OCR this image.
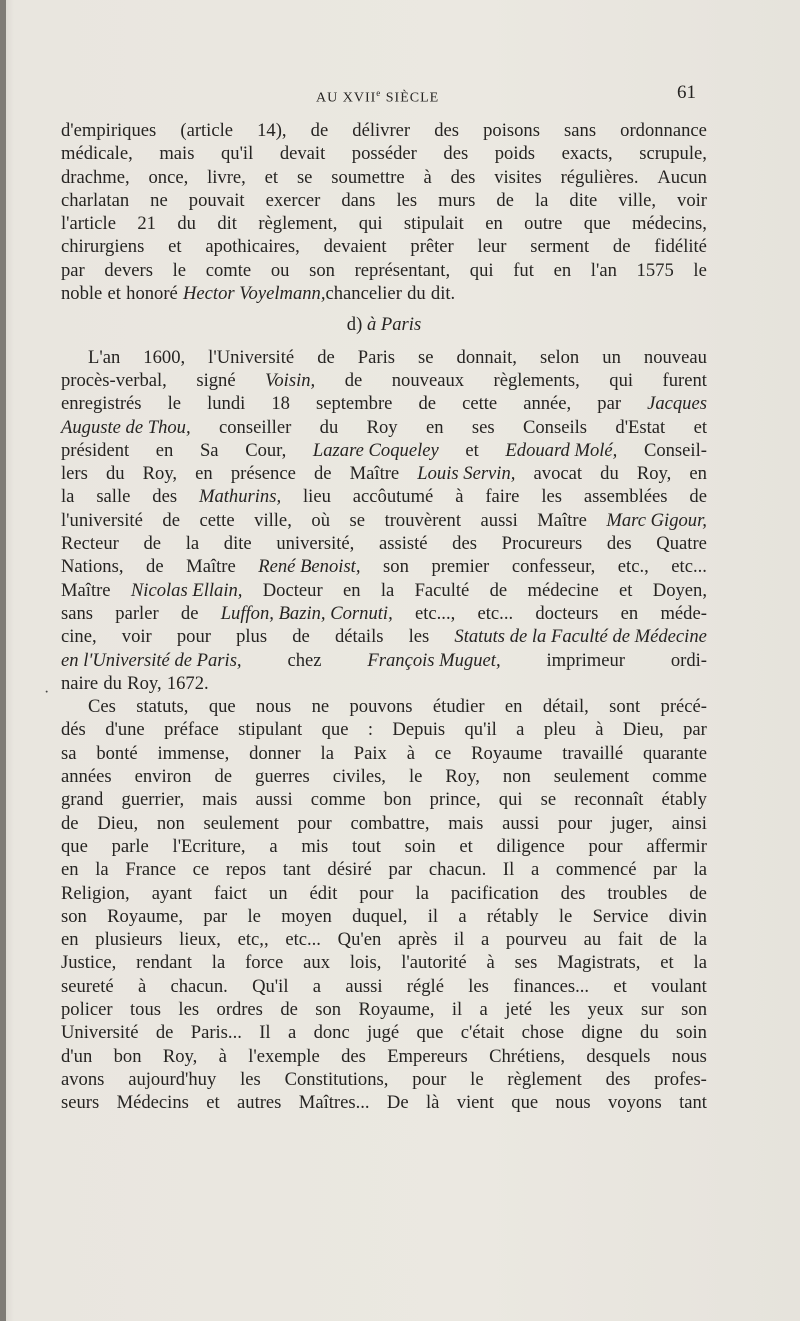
AU XVIIe SIÈCLE	61
·
d'empiriques (article 14), de délivrer des poisons sans ordonnance
médicale, mais qu'il devait posséder des poids exacts, scrupule,
drachme, once, livre, et se soumettre à des visites régulières. Aucun
charlatan ne pouvait exercer dans les murs de la dite ville, voir
l'article 21 du dit règlement, qui stipulait en outre que médecins,
chirurgiens et apothicaires, devaient prêter leur serment de fidélité
par devers le comte ou son représentant, qui fut en l'an 1575 le
noble et honoré Hector Voyelmann, chancelier du dit.
d) à Paris
L'an 1600, l'Université de Paris se donnait, selon un nouveau
procès-verbal, signé Voisin, de nouveaux règlements, qui furent
enregistrés le lundi 18 septembre de cette année, par Jacques
Auguste de Thou, conseiller du Roy en ses Conseils d'Estat et
président en Sa Cour, Lazare Coqueley et Edouard Molé, Conseil-
lers du Roy, en présence de Maître Louis Servin, avocat du Roy, en
la salle des Mathurins, lieu accôutumé à faire les assemblées de
l'université de cette ville, où se trouvèrent aussi Maître Marc Gigour,
Recteur de la dite université, assisté des Procureurs des Quatre
Nations, de Maître René Benoist, son premier confesseur, etc., etc...
Maître Nicolas Ellain, Docteur en la Faculté de médecine et Doyen,
sans parler de Luffon, Bazin, Cornuti, etc..., etc... docteurs en méde-
cine, voir pour plus de détails les Statuts de la Faculté de Médecine
en l'Université de Paris, chez François Muguet, imprimeur ordi-
naire du Roy, 1672.
Ces statuts, que nous ne pouvons étudier en détail, sont précé-
dés d'une préface stipulant que : Depuis qu'il a pleu à Dieu, par
sa bonté immense, donner la Paix à ce Royaume travaillé quarante
années environ de guerres civiles, le Roy, non seulement comme
grand guerrier, mais aussi comme bon prince, qui se reconnaît étably
de Dieu, non seulement pour combattre, mais aussi pour juger, ainsi
que parle l'Ecriture, a mis tout soin et diligence pour affermir
en la France ce repos tant désiré par chacun. Il a commencé par la
Religion, ayant faict un édit pour la pacification des troubles de
son Royaume, par le moyen duquel, il a rétably le Service divin
en plusieurs lieux, etc,, etc... Qu'en après il a pourveu au fait de la
Justice, rendant la force aux lois, l'autorité à ses Magistrats, et la
seureté à chacun. Qu'il a aussi réglé les finances... et voulant
policer tous les ordres de son Royaume, il a jeté les yeux sur son
Université de Paris... Il a donc jugé que c'était chose digne du soin
d'un bon Roy, à l'exemple des Empereurs Chrétiens, desquels nous
avons aujourd'huy les Constitutions, pour le règlement des profes-
seurs Médecins et autres Maîtres... De là vient que nous voyons tant
